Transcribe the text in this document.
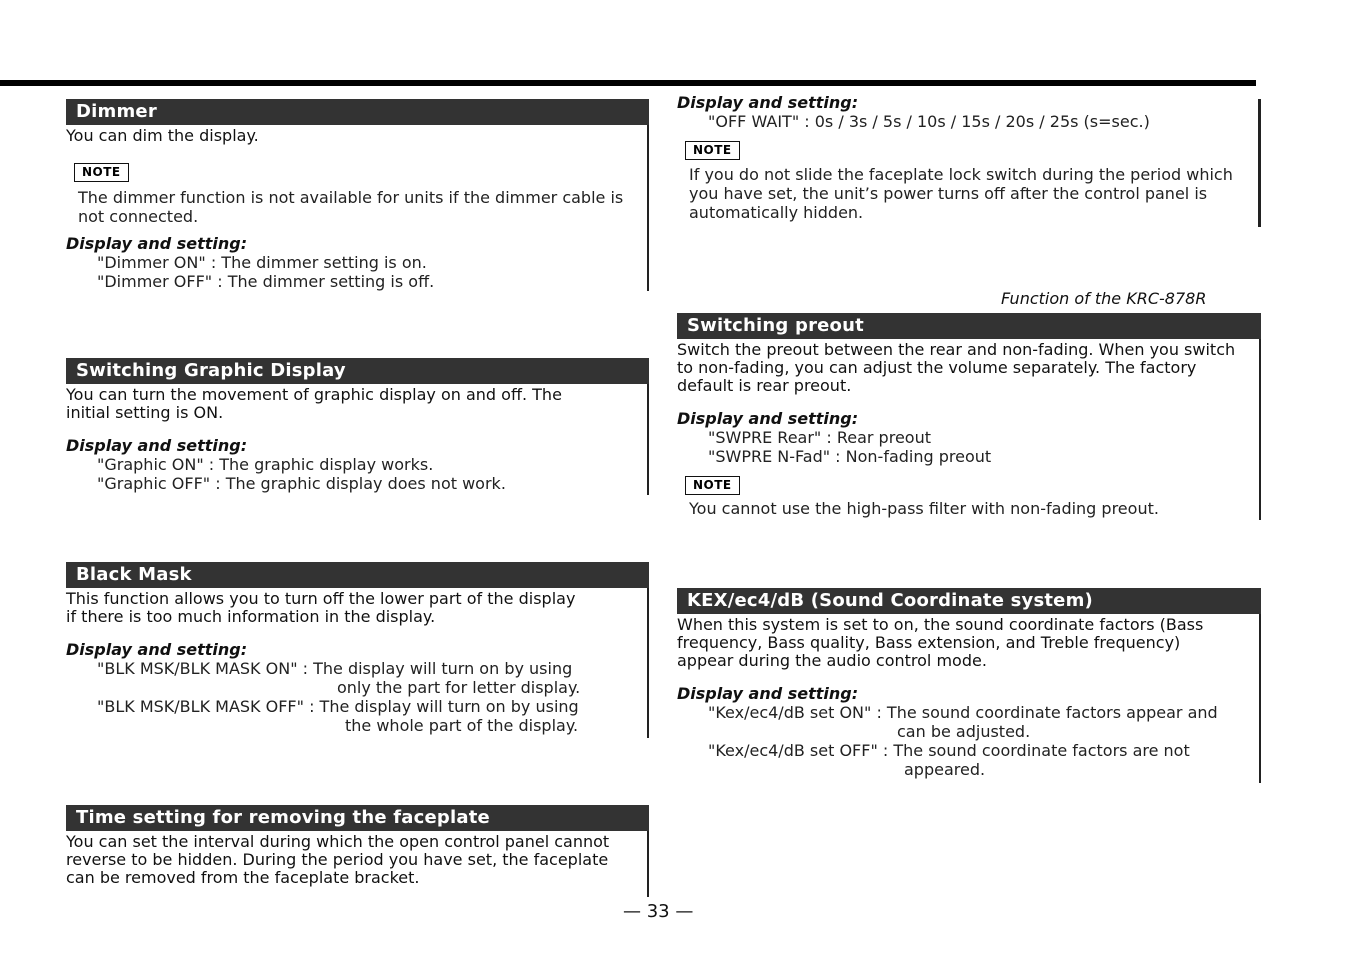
Dimmer

You can dim the display.

NOTE

The dimmer function is not available for units if the dimmer cable is not connected.

Display and setting:

"Dimmer ON" : The dimmer setting is on.

"Dimmer OFF" : The dimmer setting is off.

Switching Graphic Display

You can turn the movement of graphic display on and off. The initial setting is ON.

Display and setting:

"Graphic ON" : The graphic display works.

"Graphic OFF" : The graphic display does not work.

Black Mask

This function allows you to turn off the lower part of the display if there is too much information in the display.

Display and setting:

"BLK MSK/BLK MASK ON" : The display will turn on by using

only the part for letter display.

"BLK MSK/BLK MASK OFF" : The display will turn on by using

the whole part of the display.

Time setting for removing the faceplate

You can set the interval during which the open control panel cannot reverse to be hidden. During the period you have set, the faceplate can be removed from the faceplate bracket.

Display and setting:

"OFF WAIT" : 0s / 3s / 5s / 10s / 15s / 20s / 25s (s=sec.)

NOTE

If you do not slide the faceplate lock switch during the period which you have set, the unit’s power turns off after the control panel is automatically hidden.

Function of the KRC-878R
Switching preout

Switch the preout between the rear and non-fading. When you switch to non-fading, you can adjust the volume separately. The factory default is rear preout.

Display and setting:

"SWPRE Rear" : Rear preout

"SWPRE N-Fad" : Non-fading preout

NOTE

You cannot use the high-pass filter with non-fading preout.

KEX/ec4/dB (Sound Coordinate system)

When this system is set to on, the sound coordinate factors (Bass frequency, Bass quality, Bass extension, and Treble frequency) appear during the audio control mode.

Display and setting:

"Kex/ec4/dB set ON" : The sound coordinate factors appear and

can be adjusted.

"Kex/ec4/dB set OFF" : The sound coordinate factors are not

appeared.

— 33 —
